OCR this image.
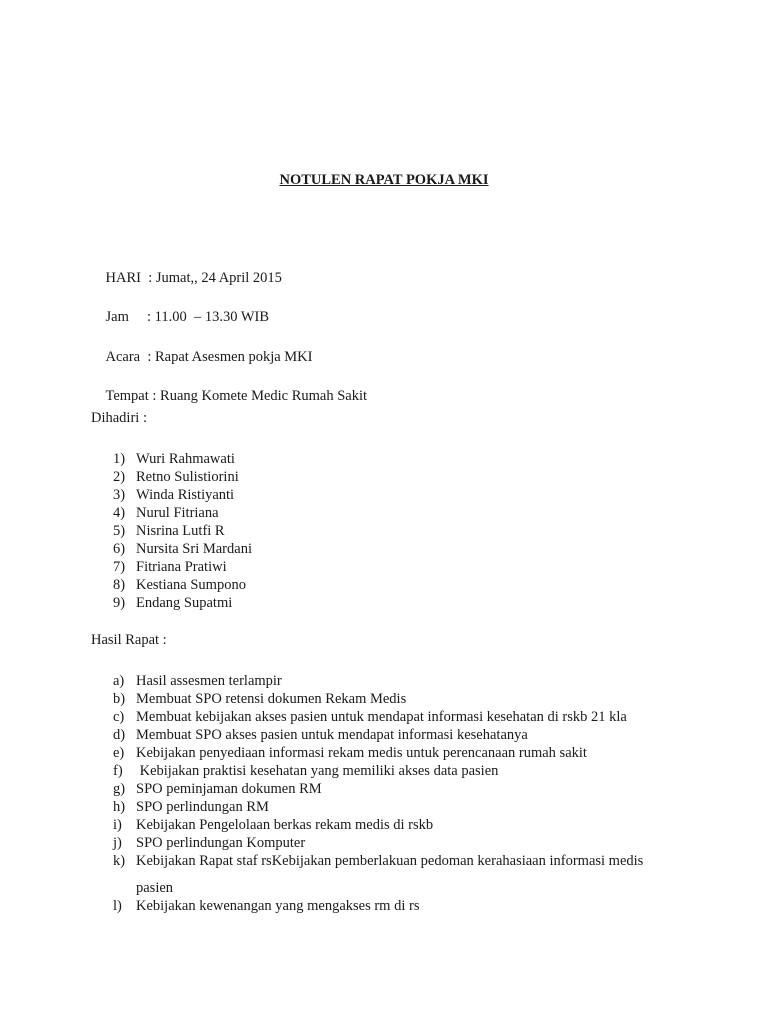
NOTULEN RAPAT POKJA MKI

HARI  : Jumat,, 24 April 2015

Jam     : 11.00  – 13.30 WIB

Acara  : Rapat Asesmen pokja MKI

Tempat : Ruang Komete Medic Rumah Sakit

Dihadiri :
1) Wuri Rahmawati
2) Retno Sulistiorini
3) Winda Ristiyanti
4) Nurul Fitriana
5) Nisrina Lutfi R
6) Nursita Sri Mardani
7) Fitriana Pratiwi
8) Kestiana Sumpono
9) Endang Supatmi
Hasil Rapat :
a) Hasil assesmen terlampir
b) Membuat SPO retensi dokumen Rekam Medis
c) Membuat kebijakan akses pasien untuk mendapat informasi kesehatan di rskb 21 kla
d) Membuat SPO akses pasien untuk mendapat informasi kesehatanya
e) Kebijakan penyediaan informasi rekam medis untuk perencanaan rumah sakit
f) Kebijakan praktisi kesehatan yang memiliki akses data pasien
g) SPO peminjaman dokumen RM
h) SPO perlindungan RM
i) Kebijakan Pengelolaan berkas rekam medis di rskb
j) SPO perlindungan Komputer
k) Kebijakan Rapat staf rsKebijakan pemberlakuan pedoman kerahasiaan informasi medis
pasien
l) Kebijakan kewenangan yang mengakses rm di rs
